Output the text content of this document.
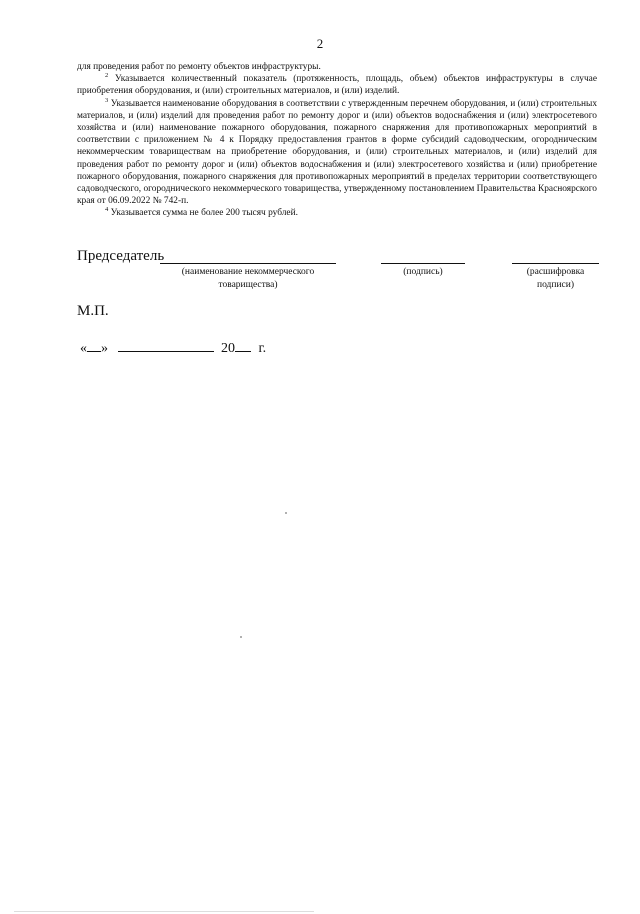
2

для проведения работ по ремонту объектов инфраструктуры.

$^2$ Указывается количественный показатель (протяженность, площадь, объем) объектов инфраструктуры в случае приобретения оборудования, и (или) строительных материалов, и (или) изделий.

$^3$ Указывается наименование оборудования в соответствии с утвержденным перечнем оборудования, и (или) строительных материалов, и (или) изделий для проведения работ по ремонту дорог и (или) объектов водоснабжения и (или) электросетевого хозяйства и (или) наименование пожарного оборудования, пожарного снаряжения для противопожарных мероприятий в соответствии с приложением № 4 к Порядку предоставления грантов в форме субсидий садоводческим, огородническим некоммерческим товариществам на приобретение оборудования, и (или) строительных материалов, и (или) изделий для проведения работ по ремонту дорог и (или) объектов водоснабжения и (или) электросетевого хозяйства и (или) приобретение пожарного оборудования, пожарного снаряжения для противопожарных мероприятий в пределах территории соответствующего садоводческого, огороднического некоммерческого товарищества, утвержденному постановлением Правительства Красноярского края от 06.09.2022 № 742-п.

$^4$ Указывается сумма не более 200 тысяч рублей.

Председатель
(наименование некоммерческого
товарищества)
(подпись)	(расшифровка
подписи)
М.П.
« »	20 г.
